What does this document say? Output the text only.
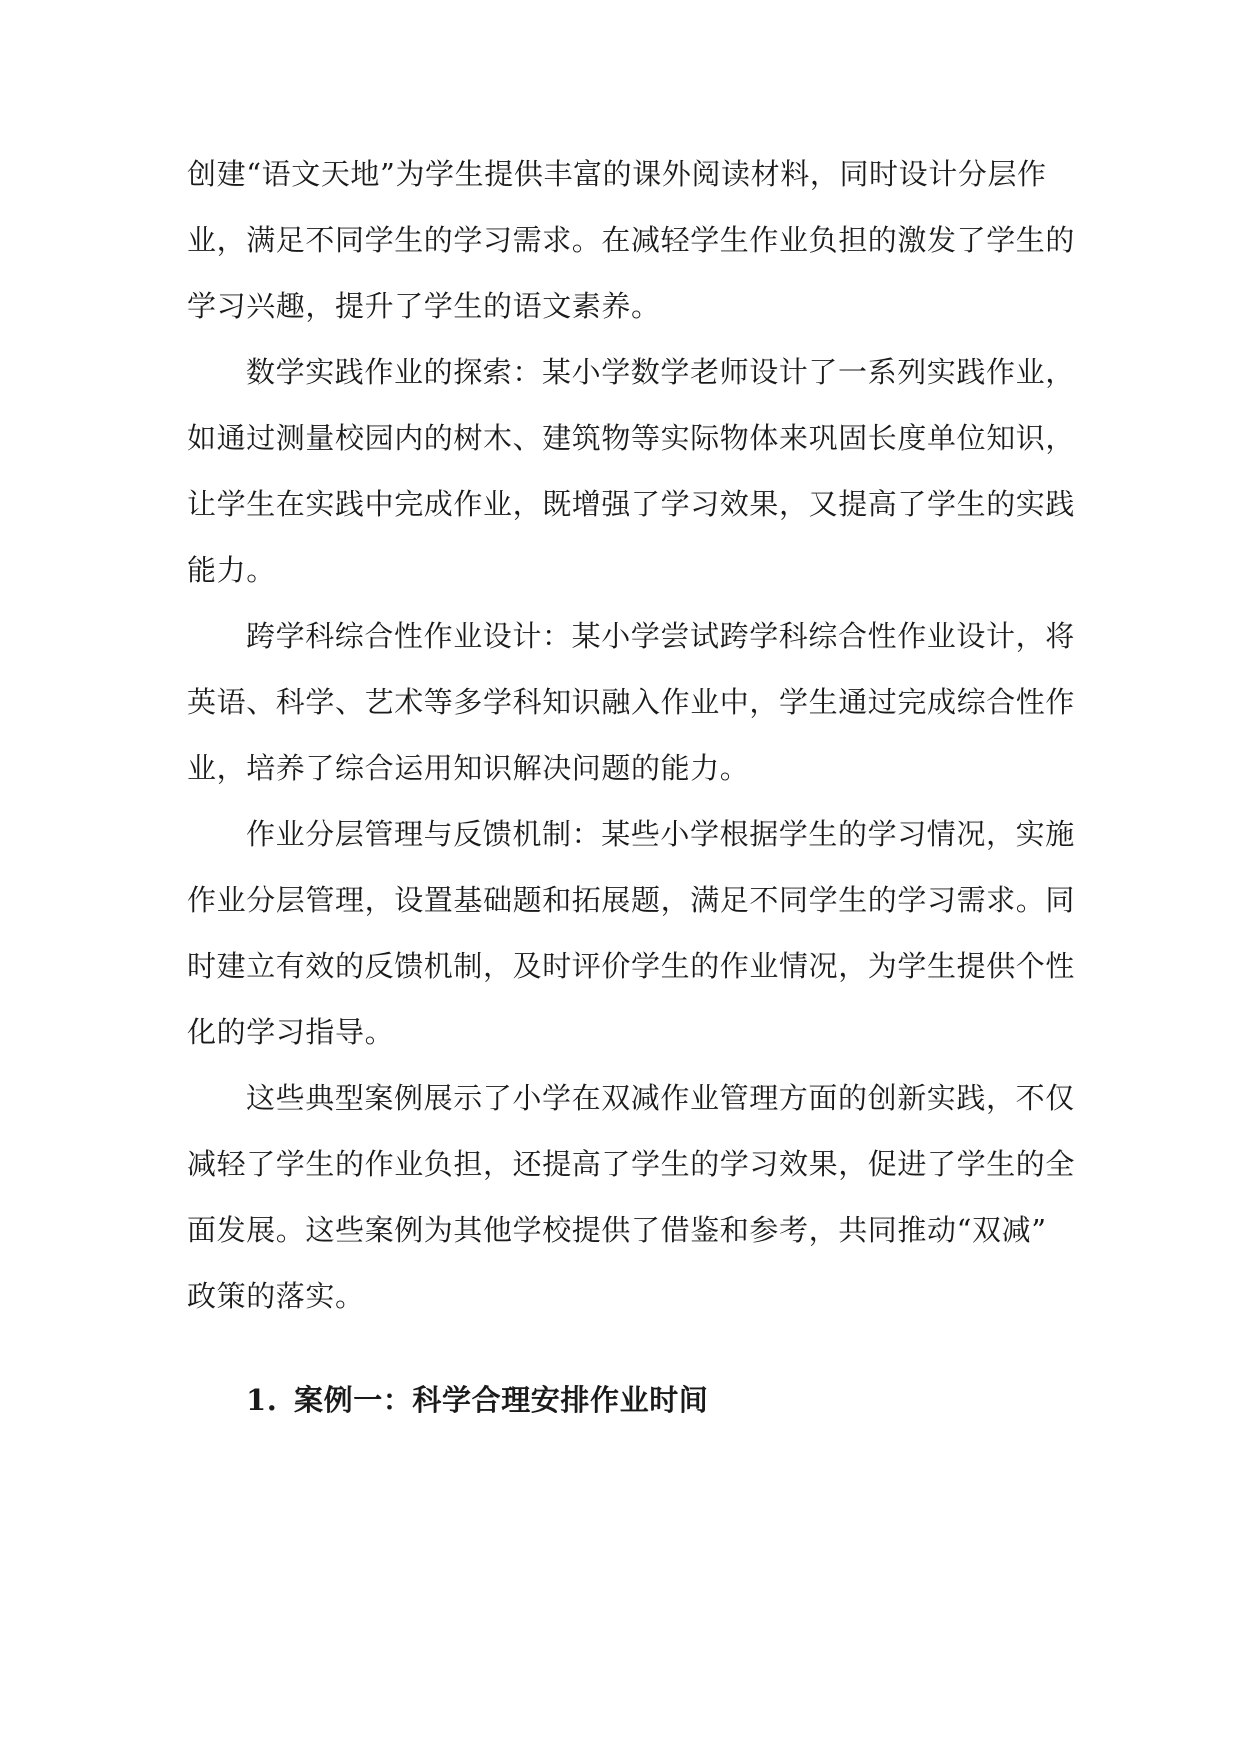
创建“语文天地”为学生提供丰富的课外阅读材料，同时设计分层作
业，满足不同学生的学习需求。在减轻学生作业负担的激发了学生的
学习兴趣，提升了学生的语文素养。
数学实践作业的探索：某小学数学老师设计了一系列实践作业，
如通过测量校园内的树木、建筑物等实际物体来巩固长度单位知识，
让学生在实践中完成作业，既增强了学习效果，又提高了学生的实践
能力。
跨学科综合性作业设计：某小学尝试跨学科综合性作业设计，将
英语、科学、艺术等多学科知识融入作业中，学生通过完成综合性作
业，培养了综合运用知识解决问题的能力。
作业分层管理与反馈机制：某些小学根据学生的学习情况，实施
作业分层管理，设置基础题和拓展题，满足不同学生的学习需求。同
时建立有效的反馈机制，及时评价学生的作业情况，为学生提供个性
化的学习指导。
这些典型案例展示了小学在双减作业管理方面的创新实践，不仅
减轻了学生的作业负担，还提高了学生的学习效果，促进了学生的全
面发展。这些案例为其他学校提供了借鉴和参考，共同推动“双减”
政策的落实。
1. 案例一：科学合理安排作业时间
